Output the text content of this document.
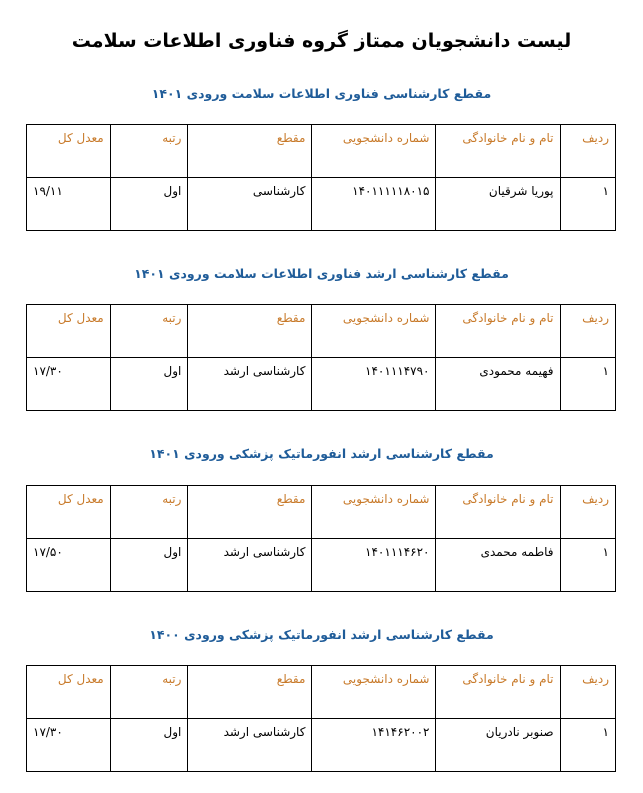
لیست دانشجویان ممتاز گروه فناوری اطلاعات سلامت
مقطع کارشناسی فناوری اطلاعات سلامت ورودی ۱۴۰۱
ردیف	تام و نام خانوادگی	شماره دانشجویی	مقطع	رتبه	معدل کل
۱	پوریا شرقیان	۱۴۰۱۱۱۱۱۸۰۱۵	کارشناسی	اول	۱۹/۱۱
مقطع کارشناسی ارشد فناوری اطلاعات سلامت ورودی ۱۴۰۱
ردیف	تام و نام خانوادگی	شماره دانشجویی	مقطع	رتبه	معدل کل
۱	فهیمه محمودی	۱۴۰۱۱۱۴۷۹۰	کارشناسی ارشد	اول	۱۷/۳۰
مقطع کارشناسی ارشد انفورماتیک پزشکی ورودی ۱۴۰۱
ردیف	تام و نام خانوادگی	شماره دانشجویی	مقطع	رتبه	معدل کل
۱	فاطمه محمدی	۱۴۰۱۱۱۴۶۲۰	کارشناسی ارشد	اول	۱۷/۵۰
مقطع کارشناسی ارشد انفورماتیک پزشکی ورودی ۱۴۰۰
ردیف	تام و نام خانوادگی	شماره دانشجویی	مقطع	رتبه	معدل کل
۱	صنوبر نادریان	۱۴۱۴۶۲۰۰۲	کارشناسی ارشد	اول	۱۷/۳۰
